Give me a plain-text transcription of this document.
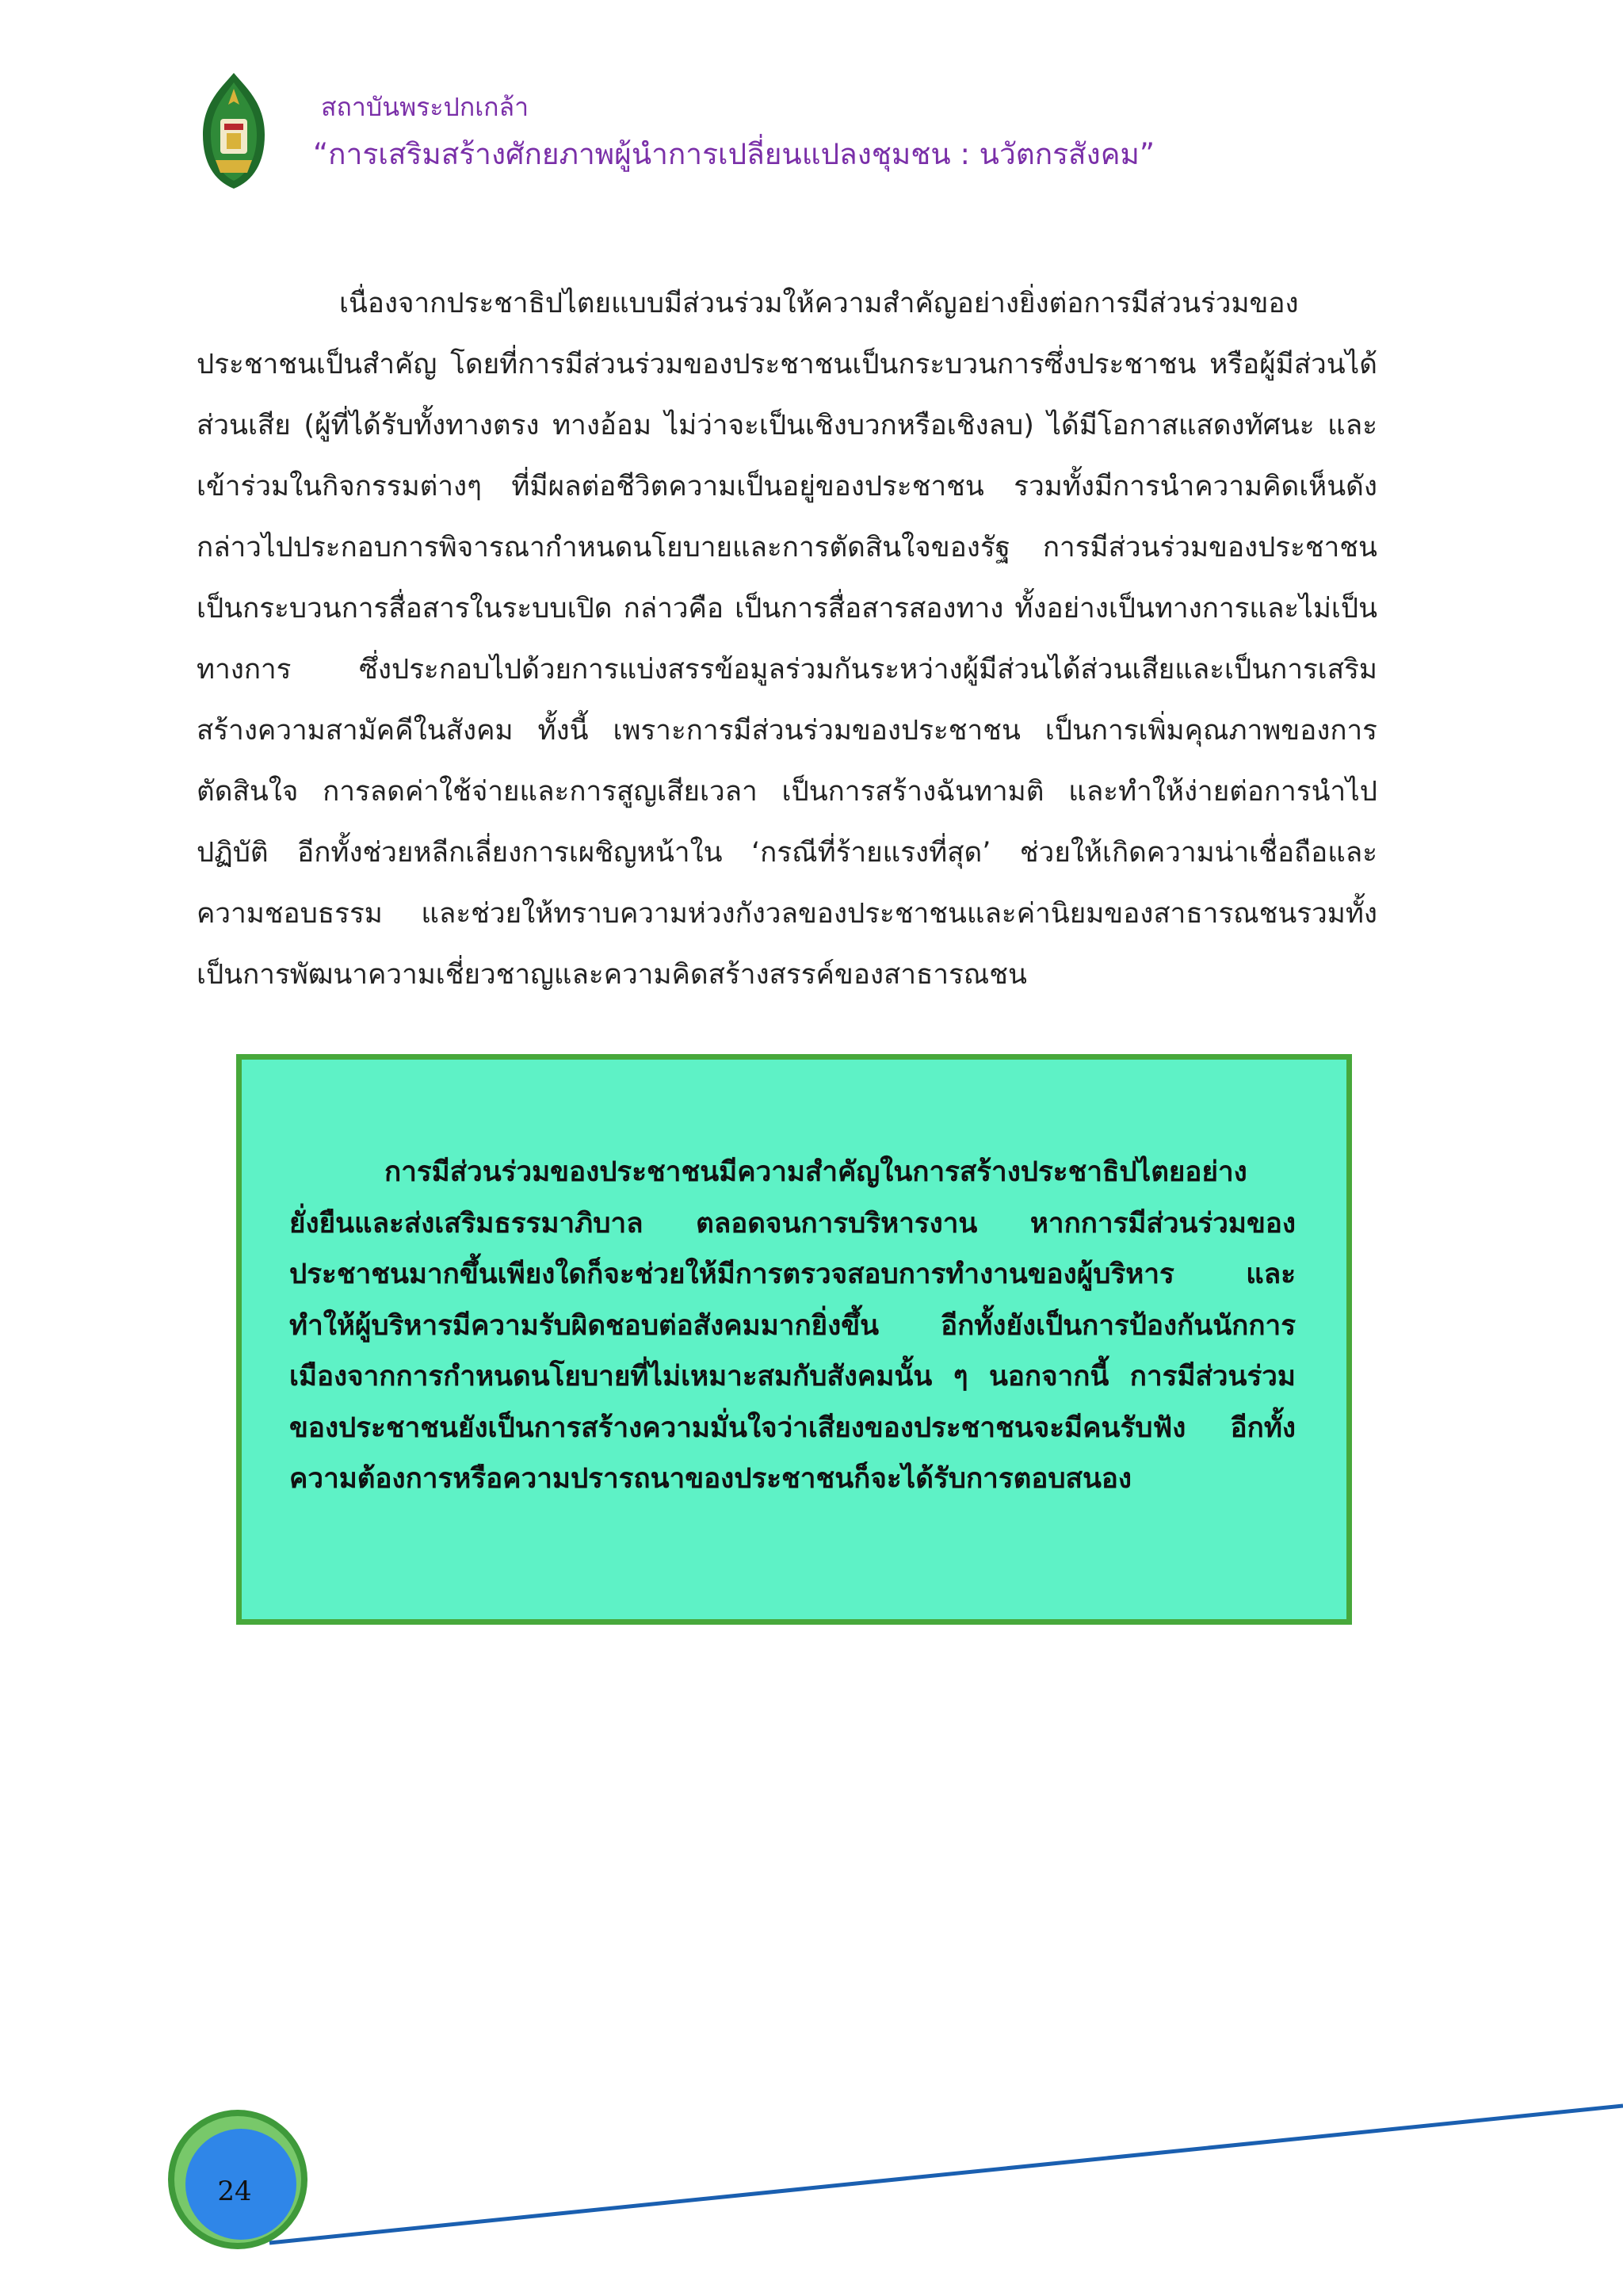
สถาบันพระปกเกล้า
“การเสริมสร้างศักยภาพผู้นำการเปลี่ยนแปลงชุมชน : นวัตกรสังคม”
เนื่องจากประชาธิปไตยแบบมีส่วนร่วมให้ความสำคัญอย่างยิ่งต่อการมีส่วนร่วมของประชาชนเป็นสำคัญ โดยที่การมีส่วนร่วมของประชาชนเป็นกระบวนการซึ่งประชาชน หรือผู้มีส่วนได้ส่วนเสีย (ผู้ที่ได้รับทั้งทางตรง ทางอ้อม ไม่ว่าจะเป็นเชิงบวกหรือเชิงลบ) ได้มีโอกาสแสดงทัศนะ และเข้าร่วมในกิจกรรมต่างๆ ที่มีผลต่อชีวิตความเป็นอยู่ของประชาชน รวมทั้งมีการนำความคิดเห็นดังกล่าวไปประกอบการพิจารณากำหนดนโยบายและการตัดสินใจของรัฐ การมีส่วนร่วมของประชาชนเป็นกระบวนการสื่อสารในระบบเปิด กล่าวคือ เป็นการสื่อสารสองทาง ทั้งอย่างเป็นทางการและไม่เป็นทางการ ซึ่งประกอบไปด้วยการแบ่งสรรข้อมูลร่วมกันระหว่างผู้มีส่วนได้ส่วนเสียและเป็นการเสริมสร้างความสามัคคีในสังคม ทั้งนี้ เพราะการมีส่วนร่วมของประชาชน เป็นการเพิ่มคุณภาพของการตัดสินใจ การลดค่าใช้จ่ายและการสูญเสียเวลา เป็นการสร้างฉันทามติ และทำให้ง่ายต่อการนำไปปฏิบัติ อีกทั้งช่วยหลีกเลี่ยงการเผชิญหน้าใน ‘กรณีที่ร้ายแรงที่สุด’ ช่วยให้เกิดความน่าเชื่อถือและความชอบธรรม และช่วยให้ทราบความห่วงกังวลของประชาชนและค่านิยมของสาธารณชนรวมทั้งเป็นการพัฒนาความเชี่ยวชาญและความคิดสร้างสรรค์ของสาธารณชน
การมีส่วนร่วมของประชาชนมีความสำคัญในการสร้างประชาธิปไตยอย่างยั่งยืนและส่งเสริมธรรมาภิบาล ตลอดจนการบริหารงาน หากการมีส่วนร่วมของประชาชนมากขึ้นเพียงใดก็จะช่วยให้มีการตรวจสอบการทำงานของผู้บริหาร และทำให้ผู้บริหารมีความรับผิดชอบต่อสังคมมากยิ่งขึ้น อีกทั้งยังเป็นการป้องกันนักการเมืองจากการกำหนดนโยบายที่ไม่เหมาะสมกับสังคมนั้น ๆ นอกจากนี้ การมีส่วนร่วมของประชาชนยังเป็นการสร้างความมั่นใจว่าเสียงของประชาชนจะมีคนรับฟัง อีกทั้ง ความต้องการหรือความปรารถนาของประชาชนก็จะได้รับการตอบสนอง
24
